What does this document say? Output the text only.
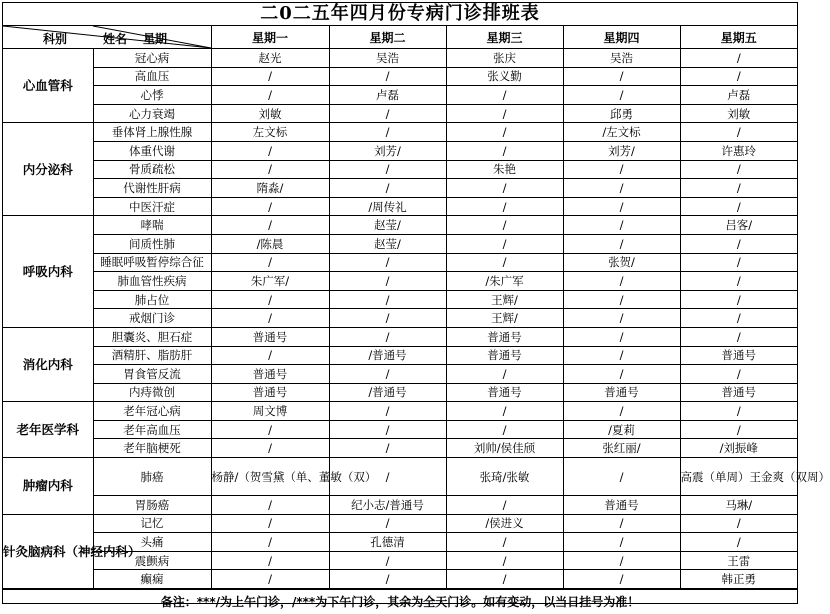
二0二五年四月份专病门诊排班表
科别 姓名 星期		星期一	星期二	星期三	星期四	星期五
心血管科	冠心病	赵光	吴浩	张庆	吴浩	/
	高血压	/	/	张义勤	/	/
	心悸	/	卢磊	/	/	卢磊
	心力衰竭	刘敏	/	/	邱勇	刘敏
内分泌科	垂体肾上腺性腺	左文标	/	/	/左文标	/
	体重代谢	/	刘芳/	/	刘芳/	许惠玲
	骨质疏松	/	/	朱艳	/	/
	代谢性肝病	隋淼/	/	/	/	/
	中医汗症	/	/周传礼	/	/	/
呼吸内科	哮喘	/	赵莹/	/	/	吕客/
	间质性肺	/陈晨	赵莹/	/	/	/
	睡眠呼吸暂停综合征	/	/	/	张贺/	/
	肺血管性疾病	朱广军/	/	/朱广军	/	/
	肺占位	/	/	王辉/	/	/
	戒烟门诊	/	/	王辉/	/	/
消化内科	胆囊炎、胆石症	普通号	/	普通号	/	/
	酒精肝、脂肪肝	/	/普通号	普通号	/	普通号
	胃食管反流	普通号	/	/	/	/
	内痔微创	普通号	/普通号	普通号	普通号	普通号
老年医学科	老年冠心病	周文博	/	/	/	/
	老年高血压	/	/	/	/夏莉	/
	老年脑梗死	/	/	刘帅/侯佳颀	张红丽/	/刘振峰
肿瘤内科	肺癌	杨静/（贺雪黛（单、董敏（双）	/	张琦/张敏	/	高震（单周）王金爽（双周）
	胃肠癌	/	纪小志/普通号	/	普通号	马琳/
针灸脑病科（神经内科）	记忆	/	/	/侯进义	/	/
	头痛	/	孔德清	/	/	/
	震颤病	/	/	/	/	王雷
	癫痫	/	/	/	/	韩正勇
备注：***/为上午门诊，/***为下午门诊，其余为全天门诊。如有变动，以当日挂号为准！
